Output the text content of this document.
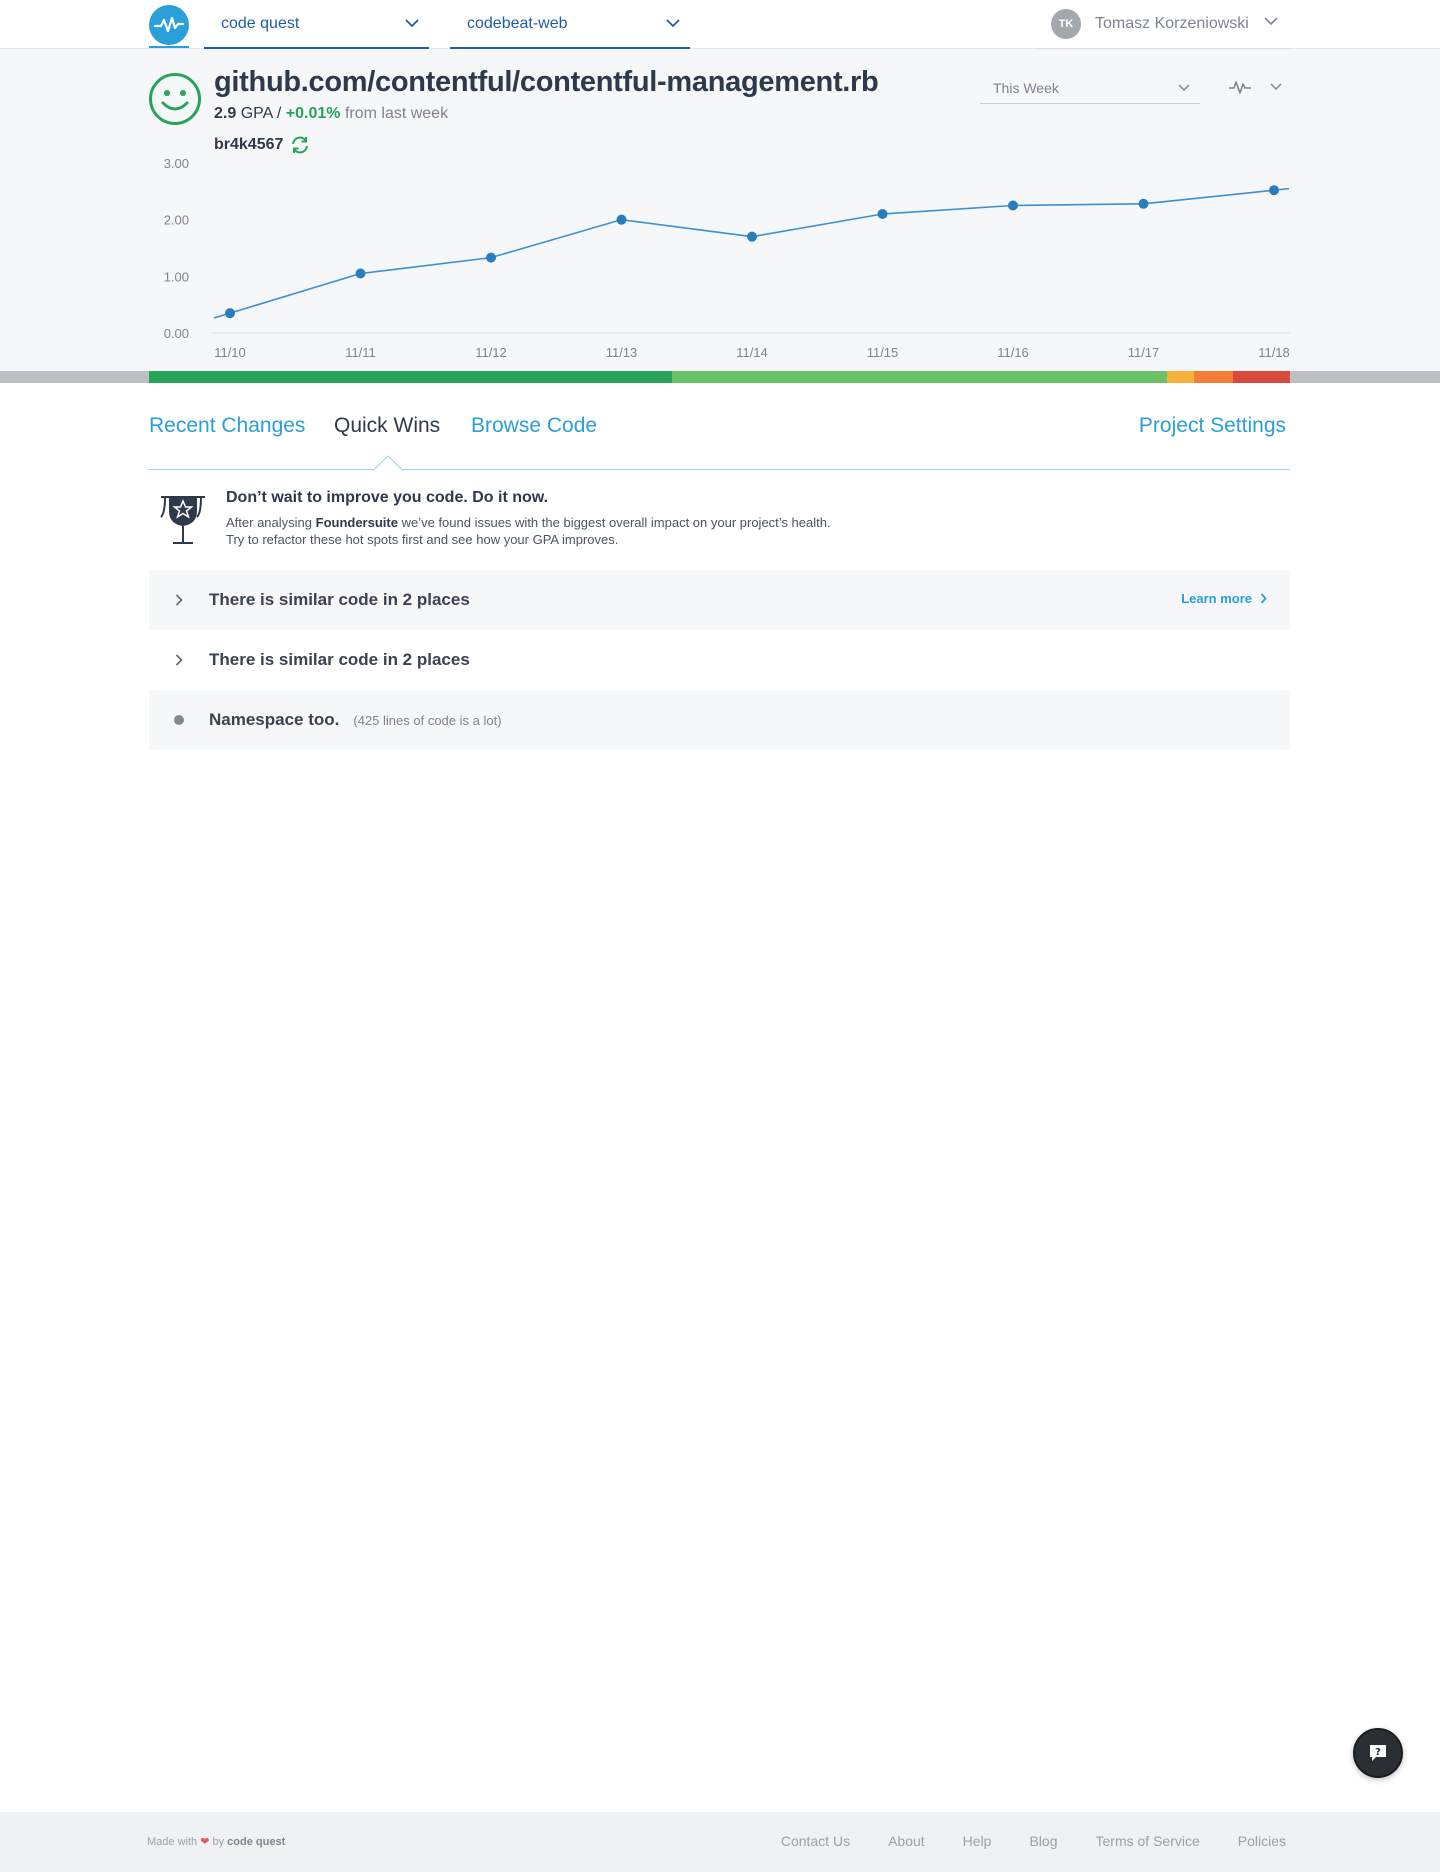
code quest	codebeat-web	TK Tomasz Korzeniowski
github.com/contentful/contentful-management.rb
2.9 GPA / +0.01% from last week
br4k4567
This Week
0.00
1.00
2.00
3.00
11/10	11/11	11/12	11/13	11/14	11/15	11/16	11/17	11/18
Recent Changes Quick Wins Browse Code	Project Settings
Don’t wait to improve you code. Do it now.
After analysing Foundersuite we’ve found issues with the biggest overall impact on your project’s health.
Try to refactor these hot spots first and see how your GPA improves.
There is similar code in 2 places	Learn more
There is similar code in 2 places
Namespace too. (425 lines of code is a lot)
?
Made with ❤ by code quest	Contact Us	About	Help	Blog	Terms of Service	Policies
